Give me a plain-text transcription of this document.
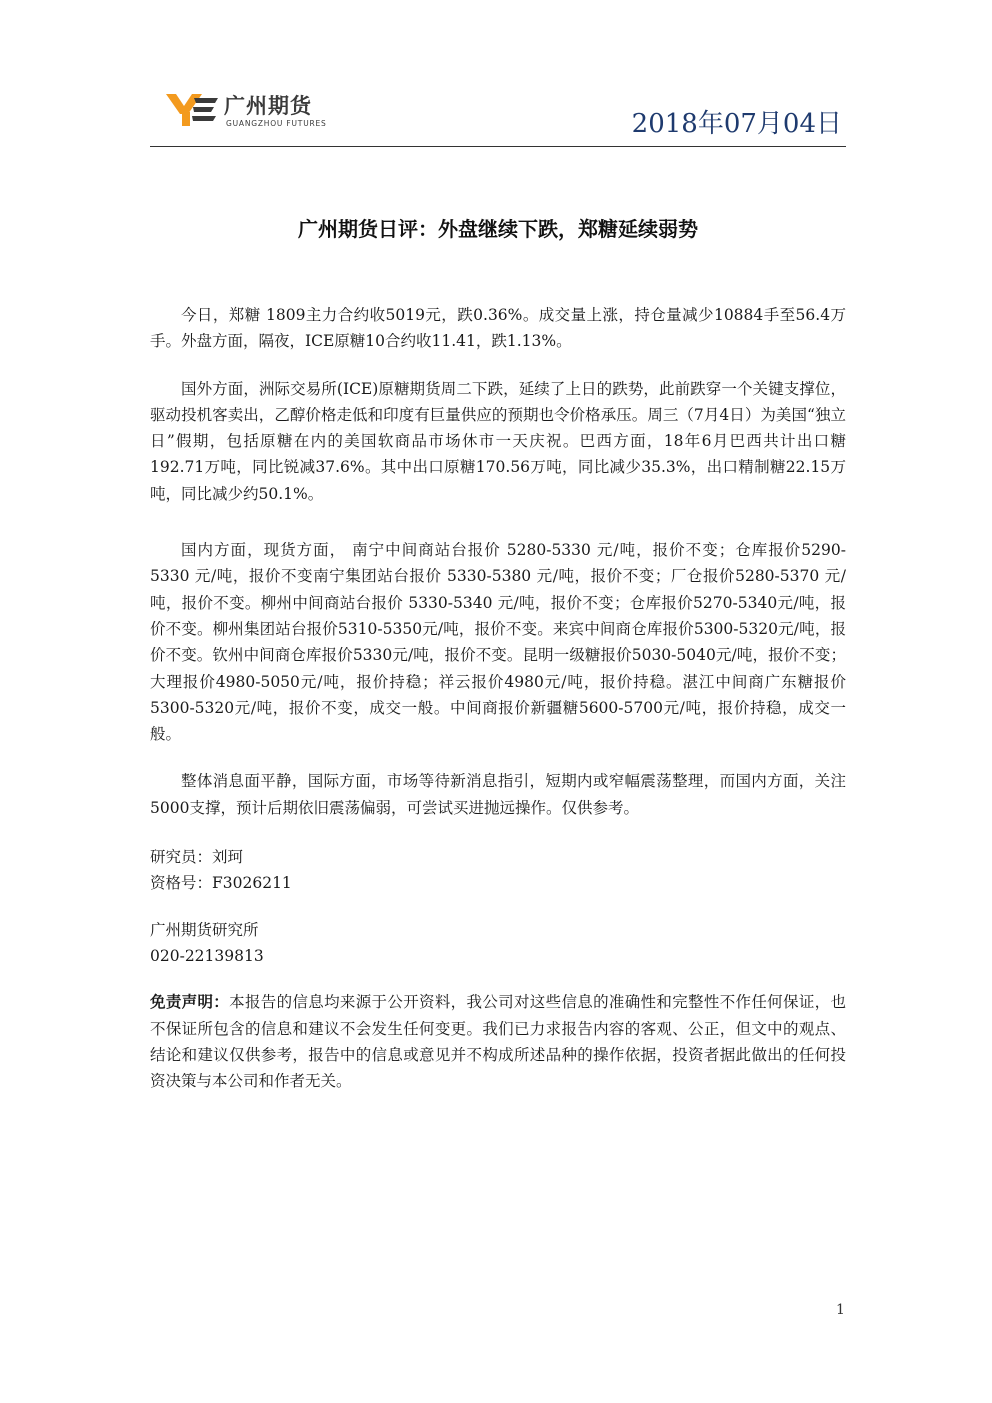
广州期货
GUANGZHOU FUTURES	2018年07月04日
广州期货日评：外盘继续下跌，郑糖延续弱势

今日，郑糖 1809主力合约收5019元，跌0.36%。成交量上涨，持仓量减少10884手至56.4万手。外盘方面，隔夜，ICE原糖10合约收11.41，跌1.13%。

国外方面，洲际交易所(ICE)原糖期货周二下跌，延续了上日的跌势，此前跌穿一个关键支撑位，驱动投机客卖出，乙醇价格走低和印度有巨量供应的预期也令价格承压。周三（7月4日）为美国“独立日”假期，包括原糖在内的美国软商品市场休市一天庆祝。巴西方面，18年6月巴西共计出口糖192.71万吨，同比锐减37.6%。其中出口原糖170.56万吨，同比减少35.3%，出口精制糖22.15万吨，同比减少约50.1%。

国内方面，现货方面， 南宁中间商站台报价 5280-5330 元/吨，报价不变；仓库报价5290-5330 元/吨，报价不变南宁集团站台报价 5330-5380 元/吨，报价不变；厂仓报价5280-5370 元/吨，报价不变。柳州中间商站台报价 5330-5340 元/吨，报价不变；仓库报价5270-5340元/吨，报价不变。柳州集团站台报价5310-5350元/吨，报价不变。来宾中间商仓库报价5300-5320元/吨，报价不变。钦州中间商仓库报价5330元/吨，报价不变。昆明一级糖报价5030-5040元/吨，报价不变；大理报价4980-5050元/吨，报价持稳；祥云报价4980元/吨，报价持稳。湛江中间商广东糖报价5300-5320元/吨，报价不变，成交一般。中间商报价新疆糖5600-5700元/吨，报价持稳，成交一般。

整体消息面平静，国际方面，市场等待新消息指引，短期内或窄幅震荡整理，而国内方面，关注5000支撑，预计后期依旧震荡偏弱，可尝试买进抛远操作。仅供参考。

研究员：刘珂
资格号：F3026211
广州期货研究所
020-22139813

免责声明：本报告的信息均来源于公开资料，我公司对这些信息的准确性和完整性不作任何保证，也不保证所包含的信息和建议不会发生任何变更。我们已力求报告内容的客观、公正，但文中的观点、结论和建议仅供参考，报告中的信息或意见并不构成所述品种的操作依据，投资者据此做出的任何投资决策与本公司和作者无关。

1
